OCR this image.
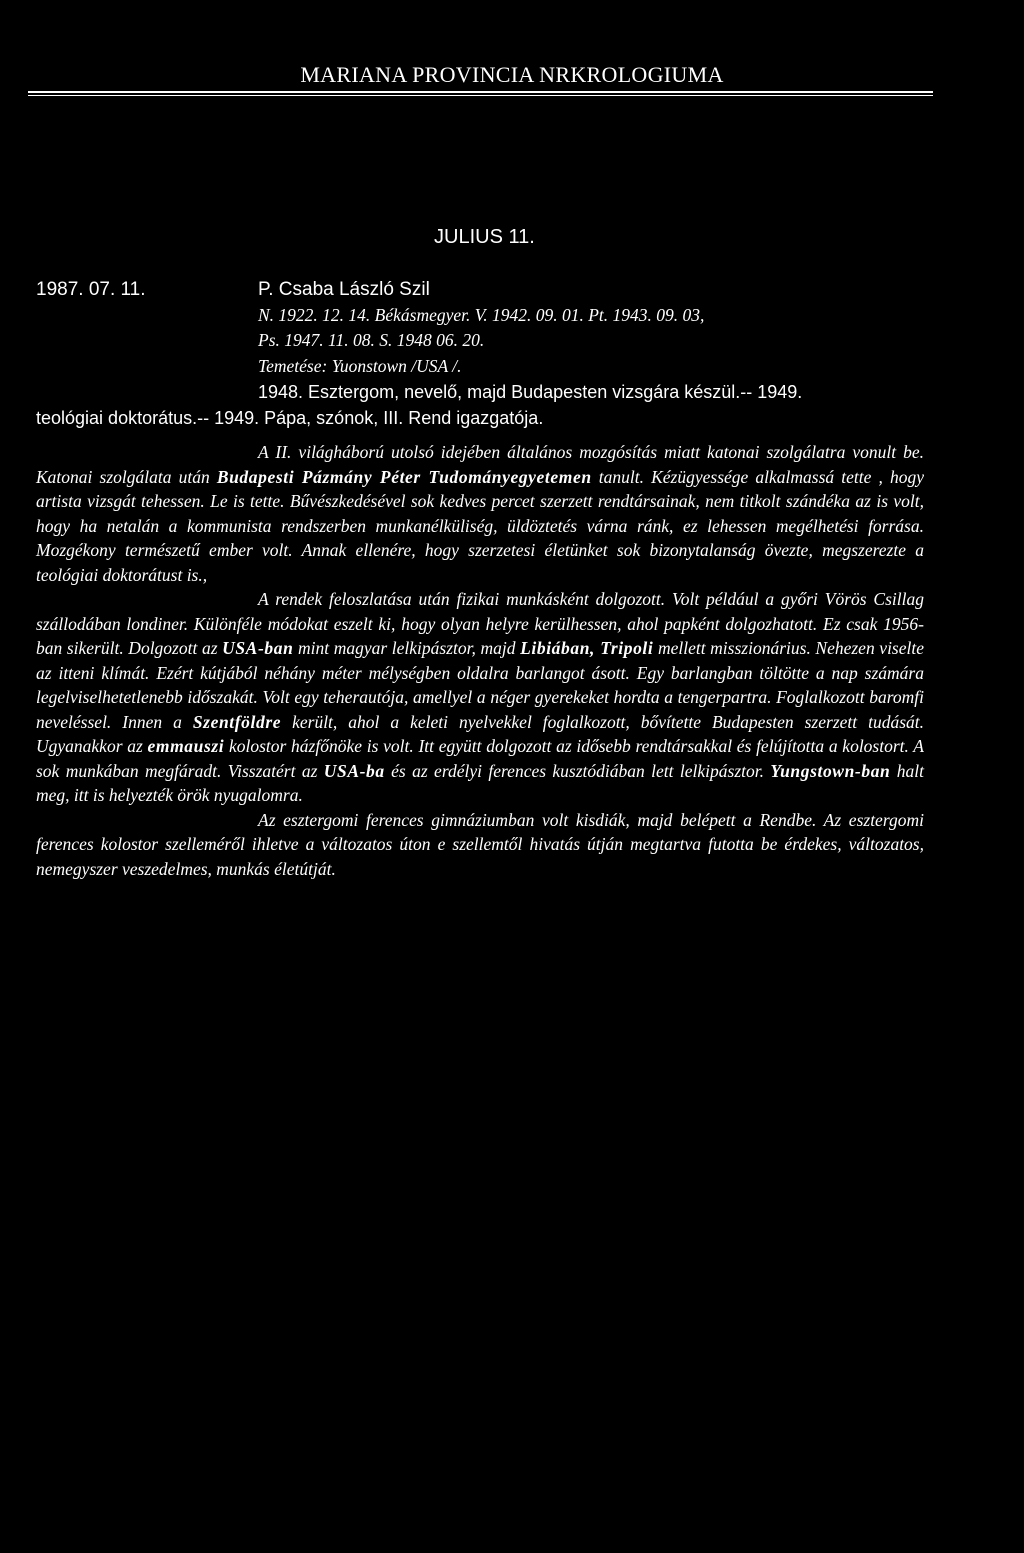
MARIANA PROVINCIA NRKROLOGIUMA
JULIUS 11.
1987. 07. 11.	P. Csaba László Szil
N. 1922. 12. 14. Békásmegyer. V. 1942. 09. 01. Pt. 1943. 09. 03,
Ps. 1947. 11. 08. S. 1948 06. 20.
Temetése: Yuonstown /USA /.
1948. Esztergom, nevelő, majd Budapesten vizsgára készül.-- 1949.
teológiai doktorátus.-- 1949. Pápa, szónok, III. Rend igazgatója.

A II. világháború utolsó idejében általános mozgósítás miatt katonai szolgálatra vonult be. Katonai szolgálata után Budapesti Pázmány Péter Tudományegyetemen tanult. Kézügyessége alkalmassá tette , hogy artista vizsgát tehessen. Le is tette. Bűvészkedésével sok kedves percet szerzett rendtársainak, nem titkolt szándéka az is volt, hogy ha netalán a kommunista rendszerben munkanélküliség, üldöztetés várna ránk, ez lehessen megélhetési forrása. Mozgékony természetű ember volt. Annak ellenére, hogy szerzetesi életünket sok bizonytalanság övezte, megszerezte a teológiai doktorátust is.,

A rendek feloszlatása után fizikai munkásként dolgozott. Volt például a győri Vörös Csillag szállodában londiner. Különféle módokat eszelt ki, hogy olyan helyre kerülhessen, ahol papként dolgozhatott. Ez csak 1956-ban sikerült. Dolgozott az USA-ban mint magyar lelkipásztor, majd Libiában, Tripoli mellett misszionárius. Nehezen viselte az itteni klímát. Ezért kútjából néhány méter mélységben oldalra barlangot ásott. Egy barlangban töltötte a nap számára legelviselhetetlenebb időszakát. Volt egy teherautója, amellyel a néger gyerekeket hordta a tengerpartra. Foglalkozott baromfi neveléssel. Innen a Szentföldre került, ahol a keleti nyelvekkel foglalkozott, bővítette Budapesten szerzett tudását. Ugyanakkor az emmauszi kolostor házfőnöke is volt. Itt együtt dolgozott az idősebb rendtársakkal és felújította a kolostort. A sok munkában megfáradt. Visszatért az USA-ba és az erdélyi ferences kusztódiában lett lelkipásztor. Yungstown-ban halt meg, itt is helyezték örök nyugalomra.

Az esztergomi ferences gimnáziumban volt kisdiák, majd belépett a Rendbe. Az esztergomi ferences kolostor szelleméről ihletve a változatos úton e szellemtől hivatás útján megtartva futotta be érdekes, változatos, nemegyszer veszedelmes, munkás életútját.
